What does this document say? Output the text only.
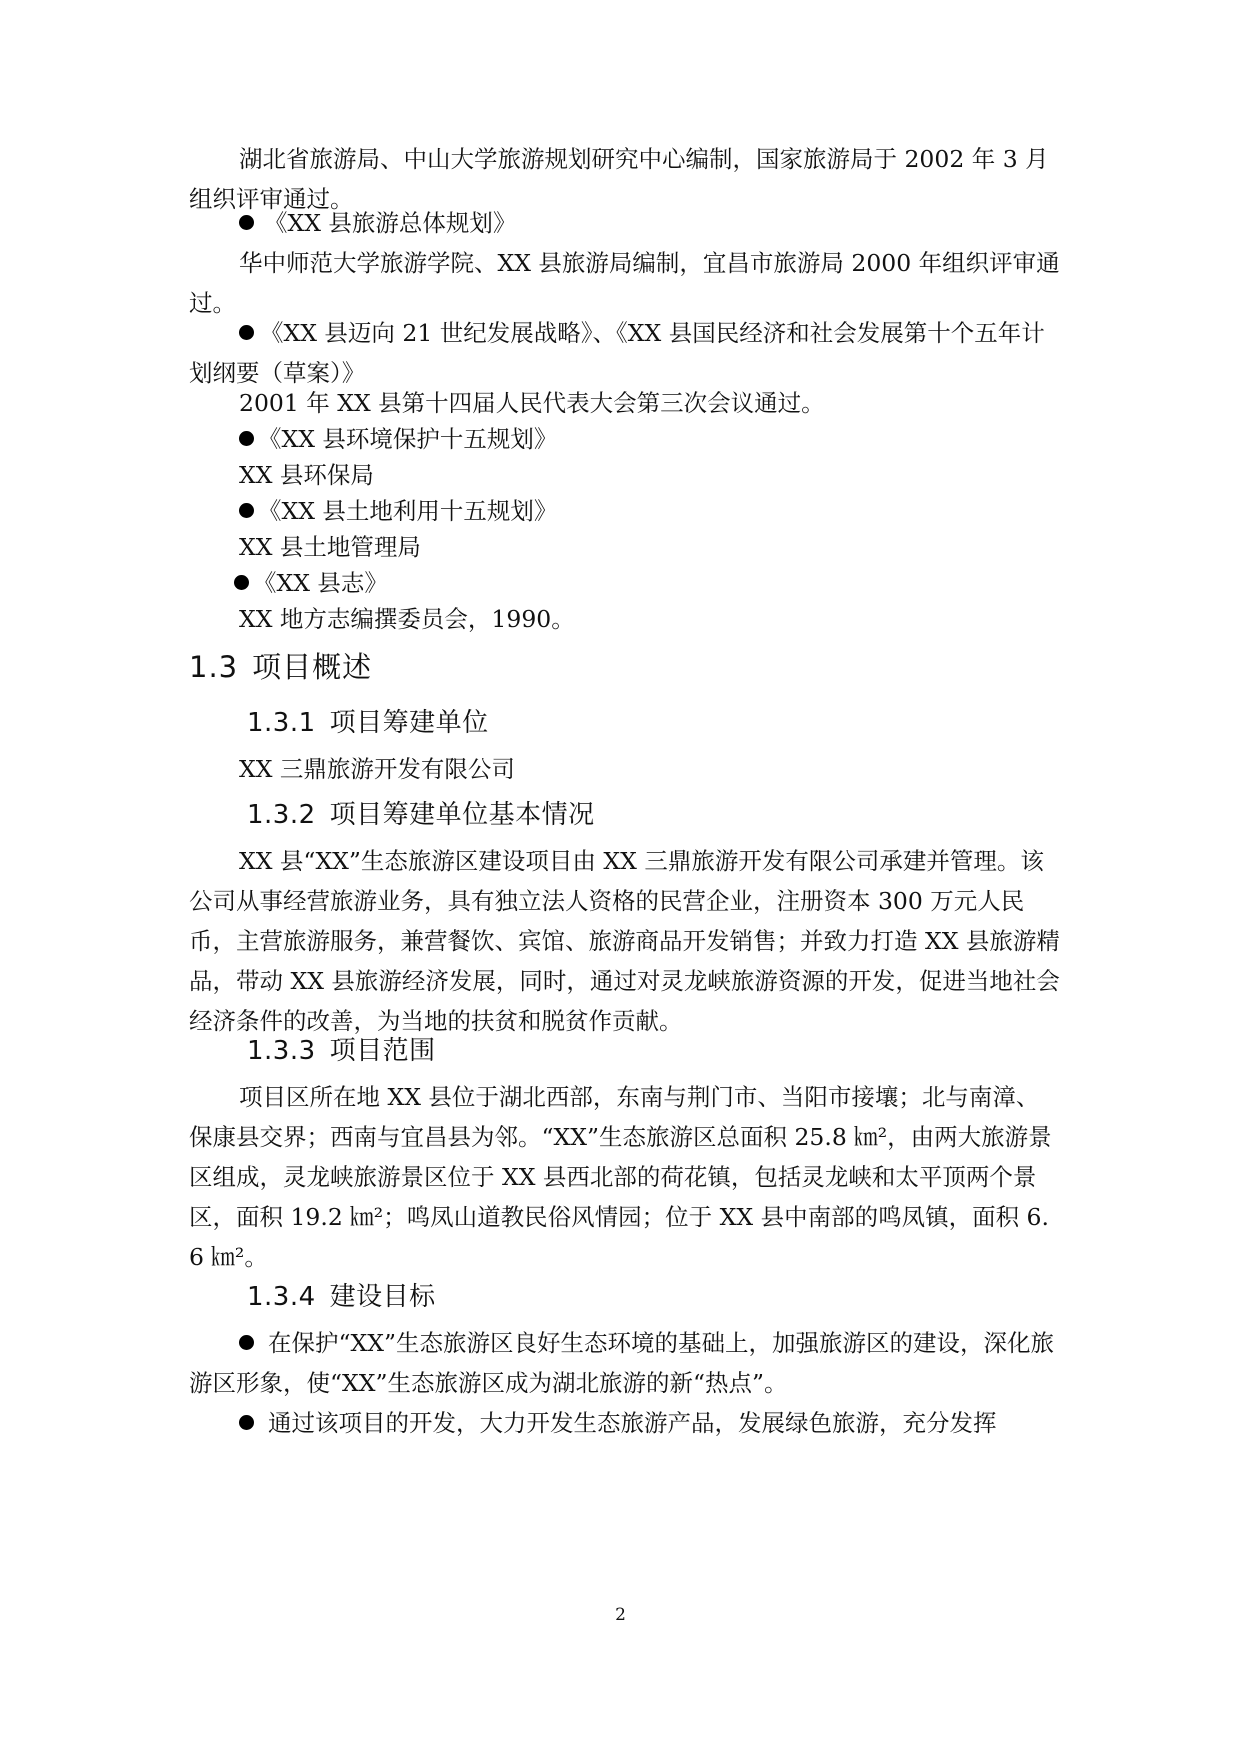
湖北省旅游局、中山大学旅游规划研究中心编制，国家旅游局于 2002 年 3 月组织评审通过。

《XX 县旅游总体规划》

华中师范大学旅游学院、XX 县旅游局编制，宜昌市旅游局 2000 年组织评审通过。

《XX 县迈向 21 世纪发展战略》、《XX 县国民经济和社会发展第十个五年计划纲要（草案）》

2001 年 XX 县第十四届人民代表大会第三次会议通过。

《XX 县环境保护十五规划》

XX 县环保局

《XX 县土地利用十五规划》

XX 县土地管理局

《XX 县志》

XX 地方志编撰委员会，1990。

1.3 项目概述
1.3.1 项目筹建单位

XX 三鼎旅游开发有限公司

1.3.2 项目筹建单位基本情况

XX 县“XX”生态旅游区建设项目由 XX 三鼎旅游开发有限公司承建并管理。该公司从事经营旅游业务，具有独立法人资格的民营企业，注册资本 300 万元人民币，主营旅游服务，兼营餐饮、宾馆、旅游商品开发销售；并致力打造 XX 县旅游精品，带动 XX 县旅游经济发展，同时，通过对灵龙峡旅游资源的开发，促进当地社会经济条件的改善，为当地的扶贫和脱贫作贡献。

1.3.3 项目范围

项目区所在地 XX 县位于湖北西部，东南与荆门市、当阳市接壤；北与南漳、保康县交界；西南与宜昌县为邻。“XX”生态旅游区总面积 25.8 ㎞²，由两大旅游景区组成，灵龙峡旅游景区位于 XX 县西北部的荷花镇，包括灵龙峡和太平顶两个景区，面积 19.2 ㎞²；鸣凤山道教民俗风情园；位于 XX 县中南部的鸣凤镇，面积 6.6 ㎞²。

1.3.4 建设目标
在保护“XX”生态旅游区良好生态环境的基础上，加强旅游区的建设，深化旅游区形象，使“XX”生态旅游区成为湖北旅游的新“热点”。
通过该项目的开发，大力开发生态旅游产品，发展绿色旅游，充分发挥
2
